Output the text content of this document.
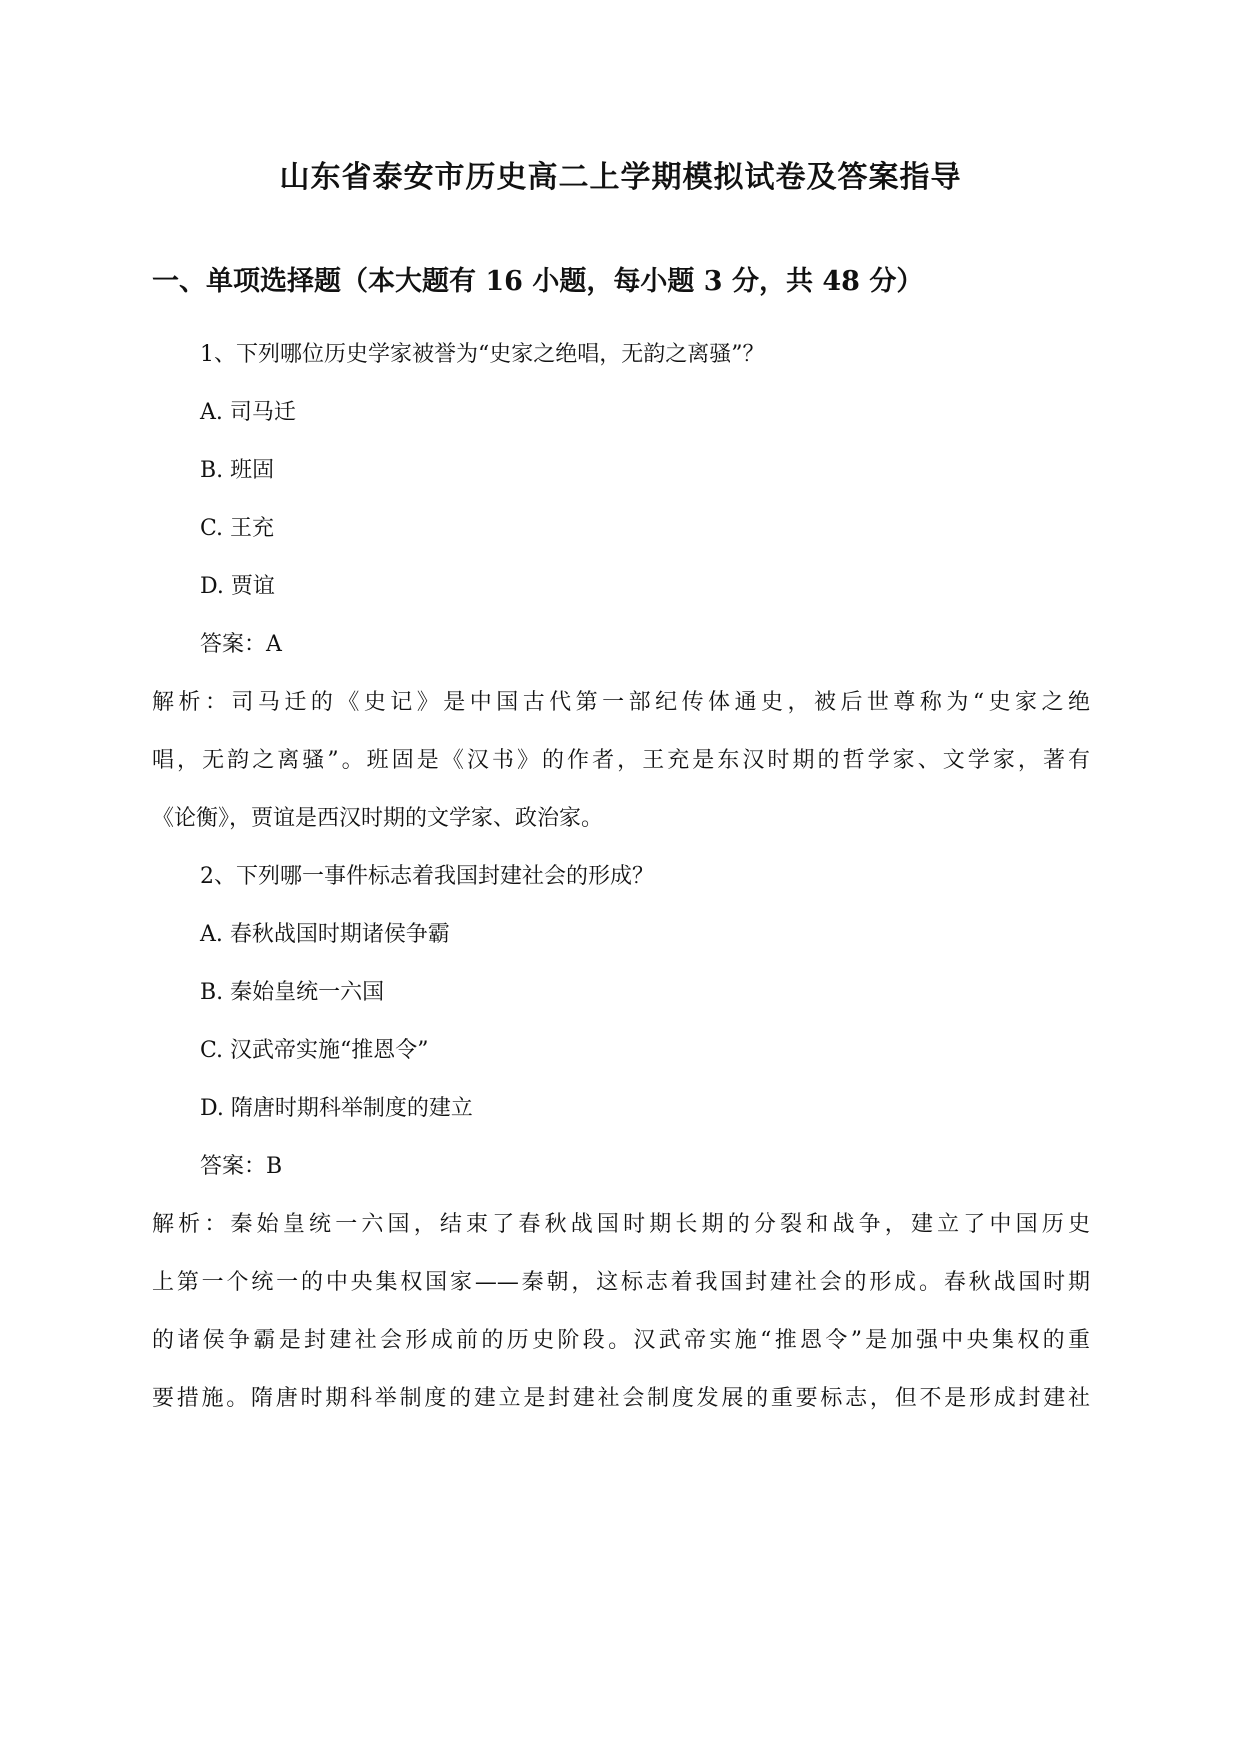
山东省泰安市历史高二上学期模拟试卷及答案指导
一、单项选择题（本大题有 16 小题，每小题 3 分，共 48 分）

1、下列哪位历史学家被誉为“史家之绝唱，无韵之离骚”？

A. 司马迁

B. 班固

C. 王充

D. 贾谊

答案：A

解析：司马迁的《史记》是中国古代第一部纪传体通史，被后世尊称为“史家之绝

唱，无韵之离骚”。班固是《汉书》的作者，王充是东汉时期的哲学家、文学家，著有

《论衡》，贾谊是西汉时期的文学家、政治家。

2、下列哪一事件标志着我国封建社会的形成？

A. 春秋战国时期诸侯争霸

B. 秦始皇统一六国

C. 汉武帝实施“推恩令”

D. 隋唐时期科举制度的建立

答案：B

解析：秦始皇统一六国，结束了春秋战国时期长期的分裂和战争，建立了中国历史

上第一个统一的中央集权国家——秦朝，这标志着我国封建社会的形成。春秋战国时期

的诸侯争霸是封建社会形成前的历史阶段。汉武帝实施“推恩令”是加强中央集权的重

要措施。隋唐时期科举制度的建立是封建社会制度发展的重要标志，但不是形成封建社
